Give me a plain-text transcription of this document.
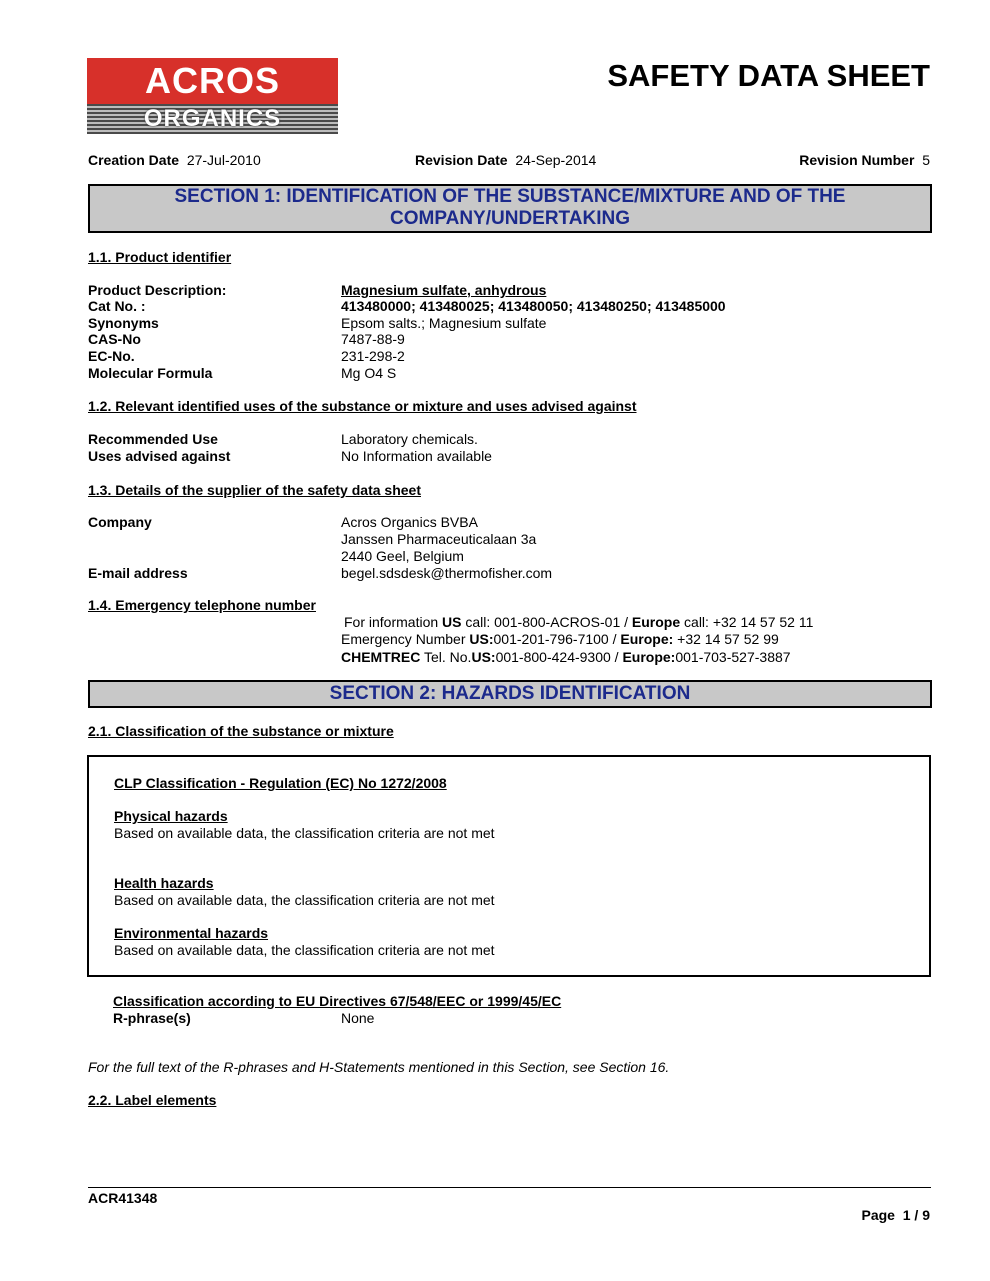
ACROS
ORGANICS
SAFETY DATA SHEET
Creation Date 27-Jul-2010	Revision Date 24-Sep-2014	Revision Number 5
SECTION 1: IDENTIFICATION OF THE SUBSTANCE/MIXTURE AND OF THE
COMPANY/UNDERTAKING
1.1. Product identifier
Product Description:	Magnesium sulfate, anhydrous
Cat No. :	413480000; 413480025; 413480050; 413480250; 413485000
Synonyms	Epsom salts.; Magnesium sulfate
CAS-No	7487-88-9
EC-No.	231-298-2
Molecular Formula	Mg O4 S
1.2. Relevant identified uses of the substance or mixture and uses advised against
Recommended Use	Laboratory chemicals.
Uses advised against	No Information available
1.3. Details of the supplier of the safety data sheet
Company	Acros Organics BVBA
Janssen Pharmaceuticalaan 3a
2440 Geel, Belgium
E-mail address	begel.sdsdesk@thermofisher.com
1.4. Emergency telephone number
For information US call: 001-800-ACROS-01 / Europe call: +32 14 57 52 11
Emergency Number US:001-201-796-7100 / Europe: +32 14 57 52 99
CHEMTREC Tel. No.US:001-800-424-9300 / Europe:001-703-527-3887
SECTION 2: HAZARDS IDENTIFICATION
2.1. Classification of the substance or mixture
CLP Classification - Regulation (EC) No 1272/2008
Physical hazards
Based on available data, the classification criteria are not met
Health hazards
Based on available data, the classification criteria are not met
Environmental hazards
Based on available data, the classification criteria are not met
Classification according to EU Directives 67/548/EEC or 1999/45/EC
R-phrase(s)	None
For the full text of the R-phrases and H-Statements mentioned in this Section, see Section 16.
2.2. Label elements
ACR41348
Page 1 / 9
